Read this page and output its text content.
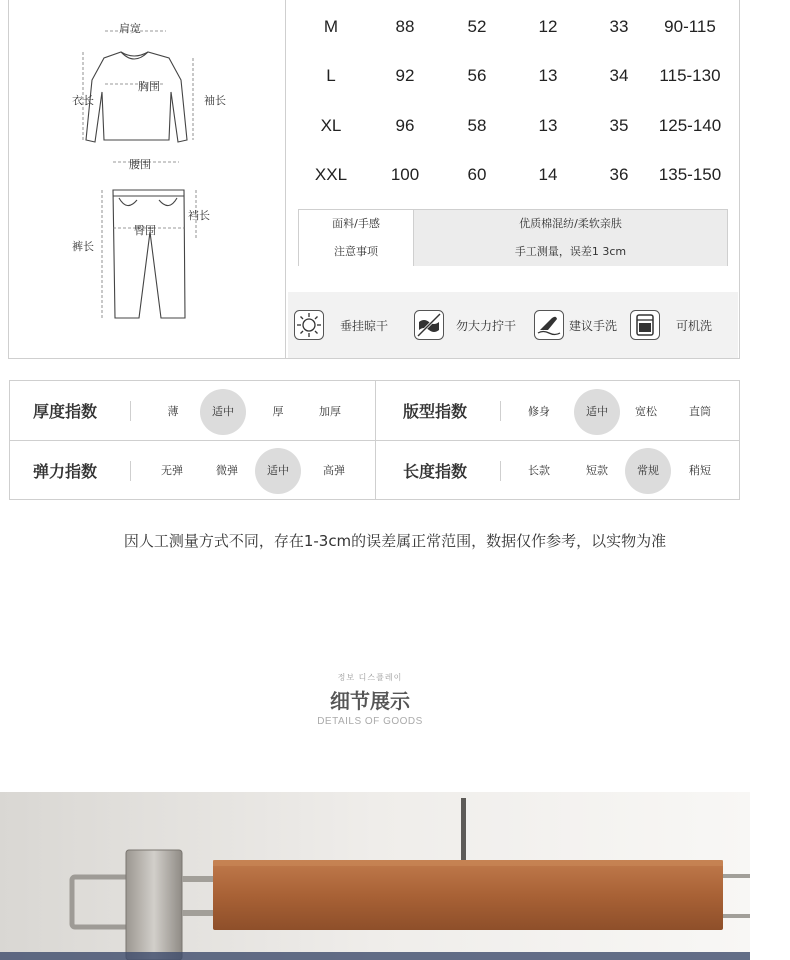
肩宽
胸围
衣长	袖长
腰围
臀围
裆长
裤长
M	88	52	12	33	90-115
L	92	56	13	34	115-130
XL	96	58	13	35	125-140
XXL	100	60	14	36	135-150
面料/手感	优质棉混纺/柔软亲肤
注意事项	手工测量，误差1 3cm
垂挂晾干	勿大力拧干	建议手洗	可机洗
厚度指数	薄	适中	厚	加厚	版型指数	修身	适中	宽松	直筒
弹力指数	无弹	微弹	适中	高弹	长度指数	长款	短款	常规	稍短
因人工测量方式不同，存在1-3cm的误差属正常范围，数据仅作参考，以实物为准
정보 디스플레이
细节展示
DETAILS OF GOODS
